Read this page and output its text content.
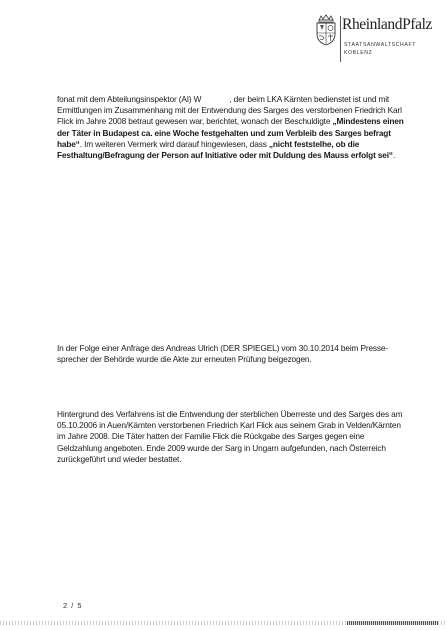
RheinlandPfalz
STAATSANWALTSCHAFT
KOBLENZ
fonat mit dem Abteilungsinspektor (AI) W	, der beim LKA Kärnten bedienstet ist und mit Ermittlungen im Zusammenhang mit der Entwendung des Sarges des verstorbenen Friedrich Karl Flick im Jahre 2008 betraut gewesen war, berichtet, wonach der Beschuldigte „Mindestens einen der Täter in Budapest ca. eine Woche festgehalten und zum Verbleib des Sarges befragt habe“. Im weiteren Vermerk wird darauf hingewiesen, dass „nicht feststelhe, ob die Festhaltung/Befragung der Person auf Initiative oder mit Duldung des Mauss erfolgt sei“.
In der Folge einer Anfrage des Andreas Ulrich (DER SPIEGEL) vom 30.10.2014 beim Pressesprecher der Behörde wurde die Akte zur erneuten Prüfung beigezogen.
Hintergrund des Verfahrens ist die Entwendung der sterblichen Überreste und des Sarges des am 05.10.2006 in Auen/Kärnten verstorbenen Friedrich Karl Flick aus seinem Grab in Velden/Kärnten im Jahre 2008. Die Täter hatten der Familie Flick die Rückgabe des Sarges gegen eine Geldzahlung angeboten. Ende 2009 wurde der Sarg in Ungarn aufgefunden, nach Österreich zurückgeführt und wieder bestattet.
2 / 5
